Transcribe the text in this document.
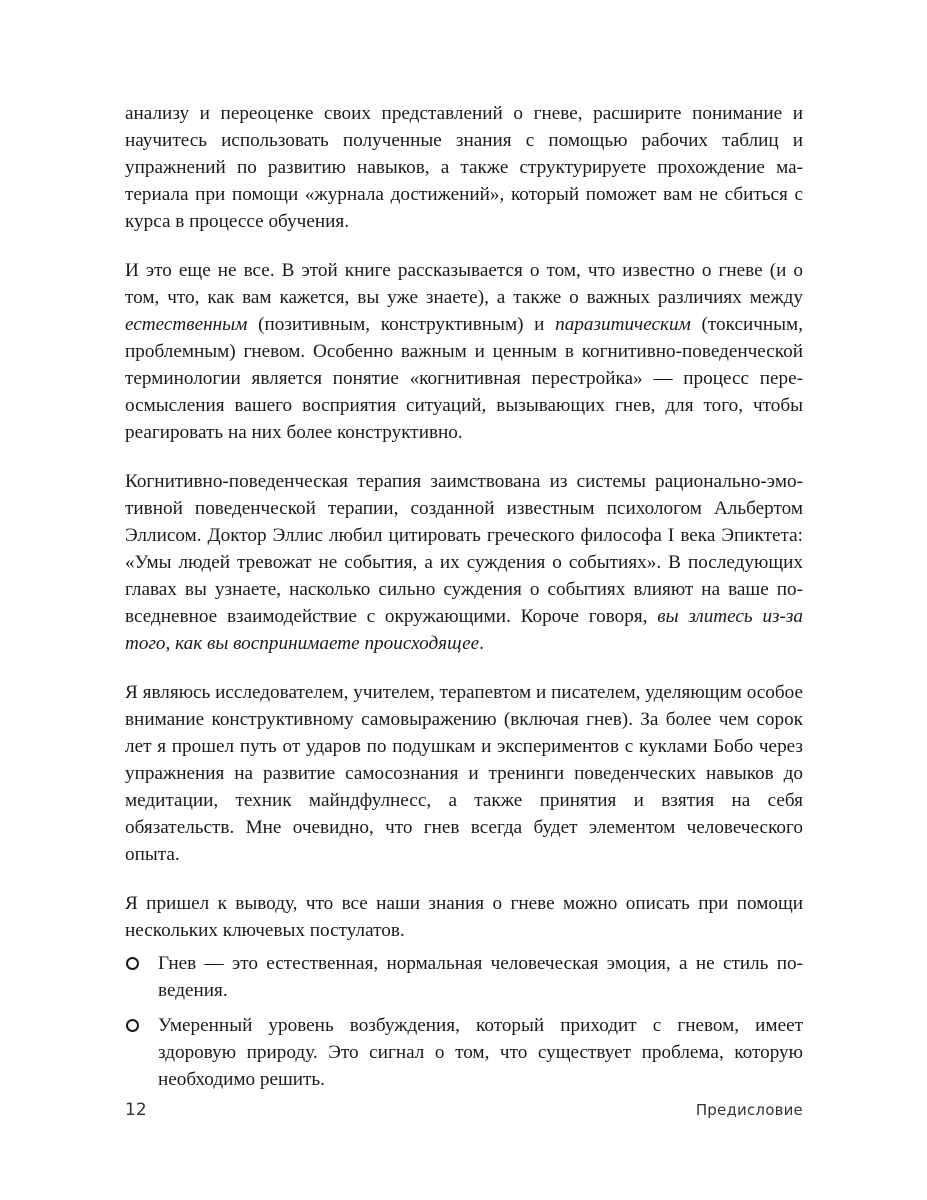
анализу и переоценке своих представлений о гневе, расширите понимание и научитесь использовать полученные знания с помощью рабочих таблиц и упражнений по развитию навыков, а также структурируете прохождение материала при помощи «журнала достижений», который поможет вам не сбиться с курса в процессе обучения.

И это еще не все. В этой книге рассказывается о том, что известно о гневе (и о том, что, как вам кажется, вы уже знаете), а также о важных различиях между естественным (позитивным, конструктивным) и паразитическим (токсичным, проблемным) гневом. Особенно важным и ценным в когнитивно-поведенческой терминологии является понятие «когнитивная перестройка» — процесс переосмысления вашего восприятия ситуаций, вызывающих гнев, для того, чтобы реагировать на них более конструктивно.

Когнитивно-поведенческая терапия заимствована из системы рационально-эмотивной поведенческой терапии, созданной известным психологом Альбертом Эллисом. Доктор Эллис любил цитировать греческого философа I века Эпиктета: «Умы людей тревожат не события, а их суждения о событиях». В последующих главах вы узнаете, насколько сильно суждения о событиях влияют на ваше повседневное взаимодействие с окружающими. Короче говоря, вы злитесь из-за того, как вы воспринимаете происходящее.

Я являюсь исследователем, учителем, терапевтом и писателем, уделяющим особое внимание конструктивному самовыражению (включая гнев). За более чем сорок лет я прошел путь от ударов по подушкам и экспериментов с куклами Бобо через упражнения на развитие самосознания и тренинги поведенческих навыков до медитации, техник майндфулнесс, а также принятия и взятия на себя обязательств. Мне очевидно, что гнев всегда будет элементом человеческого опыта.

Я пришел к выводу, что все наши знания о гневе можно описать при помощи нескольких ключевых постулатов.

Гнев — это естественная, нормальная человеческая эмоция, а не стиль поведения.
Умеренный уровень возбуждения, который приходит с гневом, имеет здоровую природу. Это сигнал о том, что существует проблема, которую необходимо решить.
12	Предисловие
